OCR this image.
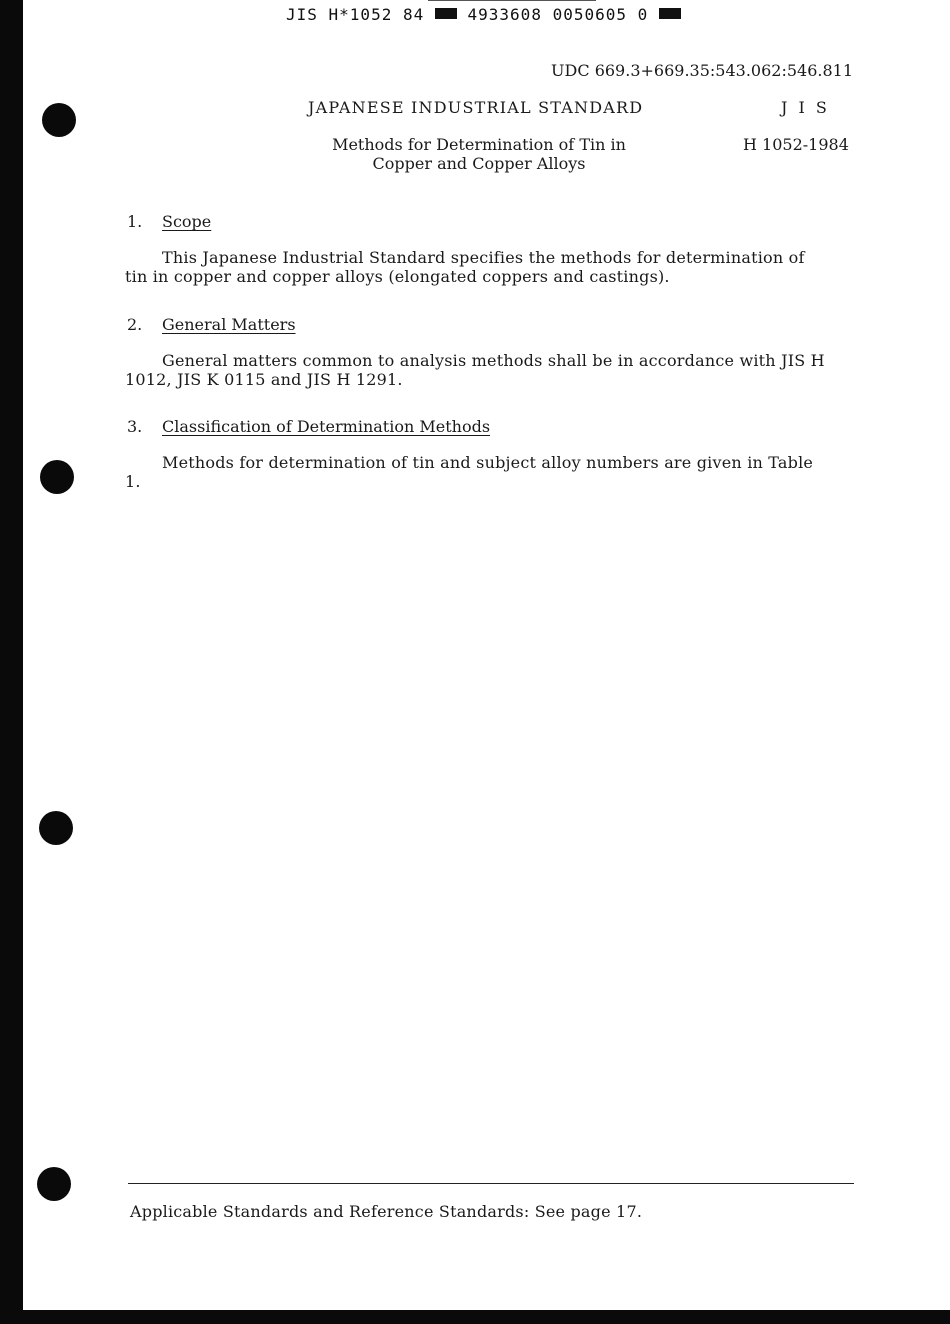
JIS H*1052 84	4933608 0050605 0
UDC 669.3+669.35:543.062:546.811
JAPANESE INDUSTRIAL STANDARD	J I S
Methods for Determination of Tin in
Copper and Copper Alloys
H 1052-1984
1. Scope
This Japanese Industrial Standard specifies the methods for determination of tin in copper and copper alloys (elongated coppers and castings).
2. General Matters
General matters common to analysis methods shall be in accordance with JIS H 1012, JIS K 0115 and JIS H 1291.
3. Classification of Determination Methods
Methods for determination of tin and subject alloy numbers are given in Table 1.
Applicable Standards and Reference Standards: See page 17.
